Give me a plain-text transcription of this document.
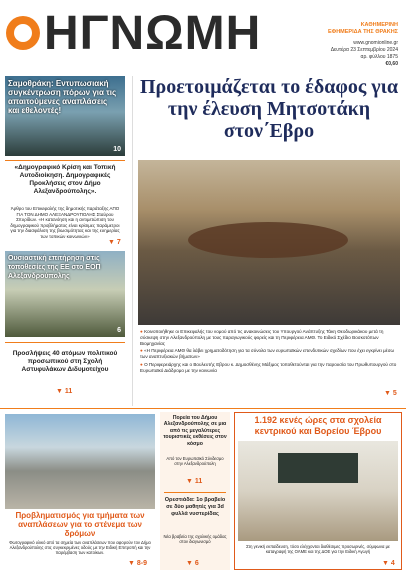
ΗΓΝΩΜΗ	ΚΑΘΗΜΕΡΙΝΗ
ΕΦΗΜΕΡΙΔΑ ΤΗΣ ΘΡΑΚΗΣ
www.gnomionline.gr
Δευτέρα 23 Σεπτεμβρίου 2024
αρ. φύλλου 1875
€0,60
Σαμοθράκη: Εντυπωσιακή συγκέντρωση πόρων για τις απαιτούμενες αναπλάσεις και εθελοντές!
10
«Δημογραφικό Κρίση και Τοπική Αυτοδιοίκηση. Δημογραφικές Προκλήσεις στον Δήμο Αλεξανδρούπολης».
Άρθρο του Επικεφαλής της δημοτικής παράταξης ΑΠΟ ΓΙΑ ΤΟΝ ΔΗΜΟ ΑΛΕΞΑΝΔΡΟΥΠΟΛΗΣ Σταύρου Σπυρίδων. «Η κατανόηση και η αντιμετώπιση του δημογραφικού προβλήματος είναι κρίσιμες παράμετροι για την διασφάλιση της βιωσιμότητας και της ευημερίας των τοπικών κοινωνιών»
▼ 7
Ουσιαστική επιτήρηση στις τοποθεσίες της ΕΕ στο ΕΟΠ Αλεξανδρούπολης
6
Προσλήψεις 40 ατόμων πολιτικού προσωπικού στη Σχολή Αστυφυλάκων Διδυμοτείχου
▼ 11
Προετοιμάζεται το έδαφος για την έλευση Μητσοτάκη στον΄Εβρο
● Κοινοποιήθηκε οι Επικεφαλής του νομού από τις ανακοινώσεις του Υπουργού Ανάπτυξης Τάκη Θεοδωρικάκου μετά τη σύσκεψη στην Αλεξανδρούπολη με τους παραγωγικούς φορείς και τη Περιφέρεια ΑΜΘ. Το Ειδικό Σχέδιο Βοσκοτόπων Βιομηχανίας
● «Η Περιφέρεια ΑΜΘ θα λάβει χρηματοδότηση για τα σύνολα των ευρωπαϊκών επενδυτικών σχεδίων που έχει εγκρίνει μέσω των αναπτυξιακών βήματων»
● Ο Περιφερειάρχης και ο Βουλευτής Εβρου κ. Δημοσθένης Μάξιμος τοποθετούνται για την παρουσία του Πρωθυπουργού στο Ευρωπαϊκό Διάδρομο με την κοινωνία
▼ 5
Προβληματισμός για τμήματα των αναπλάσεων για το στένεμα των δρόμων
Φωτογραφικό υλικό από τα σημεία των αναπλάσεων που αφορούν τον Δήμο Αλεξανδρούπολης στις συγκεκριμένες οδούς με την Ειδική Επιτροπή και την παρέμβαση των κατοίκων.
▼ 8-9
Πορεία του Δήμου Αλεξανδρούπολης σε μια από τις μεγαλύτερες τουριστικές εκθέσεις στον κόσμο
Από τον Ευρωπαϊκό Σύνδεσμο στην Αλεξανδρούπολη
▼ 11
Ορεστιάδα: 1ο βραβείο σε δύο μαθητές για 3d φυλλά νυστερίδας
Νέα βραβεία της σχολικής ομάδας στον διαγωνισμό
▼ 6
1.192 κενές ώρες στα σχολεία κεντρικού και Βορείου Έβρου
Στη γενική εκπαίδευση, τόσο ελέγχονται διαθέσιμες προσωρινές, σύμφωνα με καταγραφή της ΟΛΜΕ και της ΔΟΕ για την Ειδική Αγωγή
▼ 4
